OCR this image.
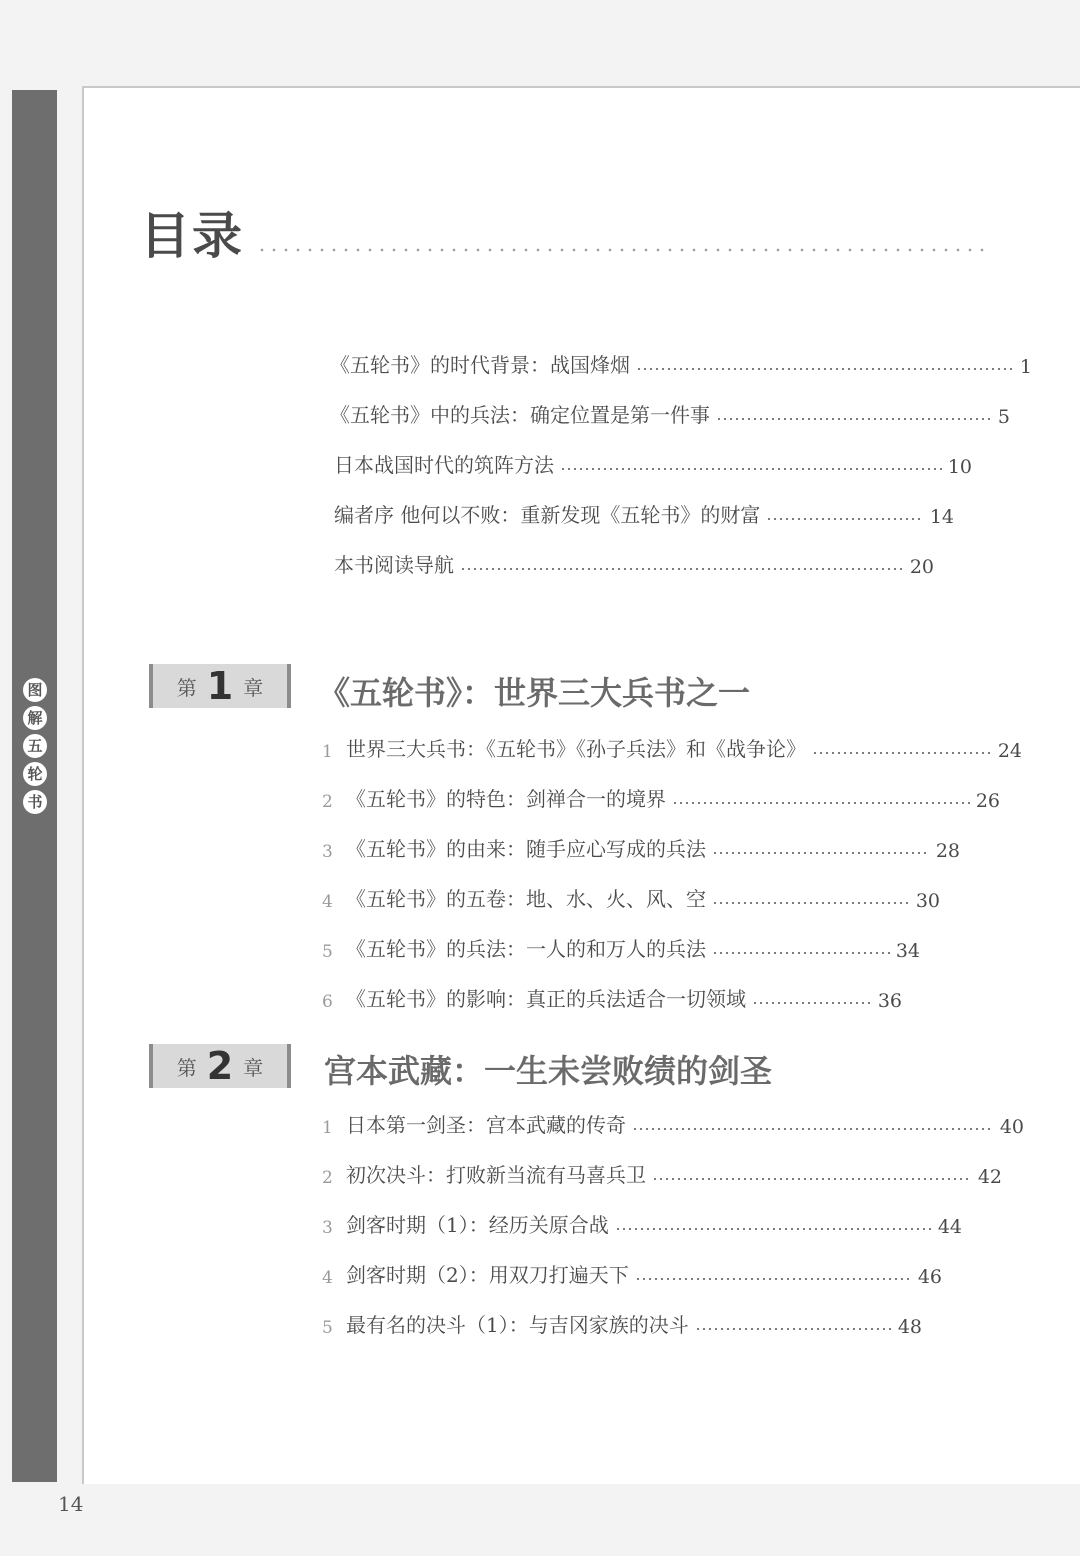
图
解
五
轮
书
目录
《五轮书》的时代背景：战国烽烟	1
《五轮书》中的兵法：确定位置是第一件事	5
日本战国时代的筑阵方法	10
编者序 他何以不败：重新发现《五轮书》的财富	14
本书阅读导航	20
第 1 章 《五轮书》：世界三大兵书之一
1 世界三大兵书：《五轮书》《孙子兵法》和《战争论》	24
2 《五轮书》的特色：剑禅合一的境界	26
3 《五轮书》的由来：随手应心写成的兵法	28
4 《五轮书》的五卷：地、水、火、风、空	30
5 《五轮书》的兵法：一人的和万人的兵法	34
6 《五轮书》的影响：真正的兵法适合一切领域	36
第 2 章 宫本武藏：一生未尝败绩的剑圣
1 日本第一剑圣：宫本武藏的传奇	40
2 初次决斗：打败新当流有马喜兵卫	42
3 剑客时期（1）：经历关原合战	44
4 剑客时期（2）：用双刀打遍天下	46
5 最有名的决斗（1）：与吉冈家族的决斗	48
14
